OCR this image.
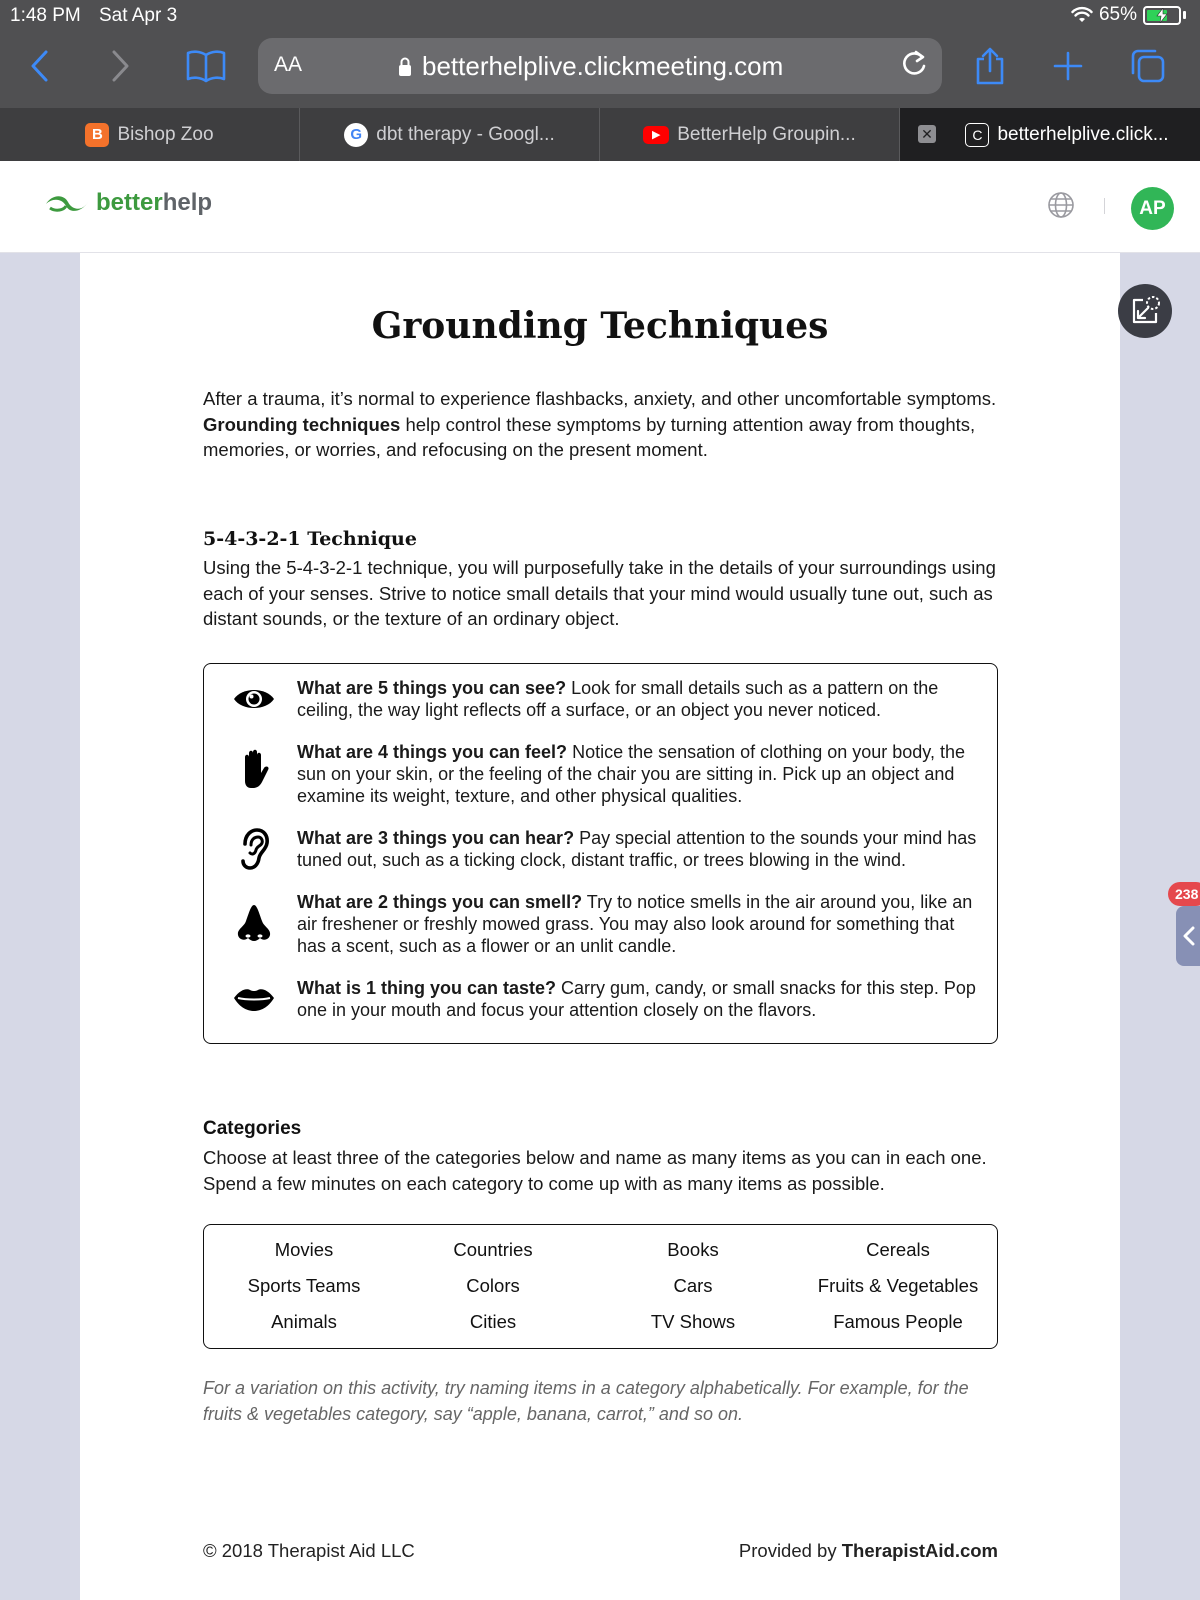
1:48 PM Sat Apr 3	65%
AA	betterhelplive.clickmeeting.com
B Bishop Zoo	G dbt therapy - Googl...	▶ BetterHelp Groupin...	✕	C betterhelplive.click...
better help	AP
Grounding Techniques

After a trauma, it’s normal to experience flashbacks, anxiety, and other uncomfortable symptoms. Grounding techniques help control these symptoms by turning attention away from thoughts, memories, or worries, and refocusing on the present moment.

5-4-3-2-1 Technique

Using the 5-4-3-2-1 technique, you will purposefully take in the details of your surroundings using each of your senses. Strive to notice small details that your mind would usually tune out, such as distant sounds, or the texture of an ordinary object.

What are 5 things you can see? Look for small details such as a pattern on the ceiling, the way light reflects off a surface, or an object you never noticed.

What are 4 things you can feel? Notice the sensation of clothing on your body, the sun on your skin, or the feeling of the chair you are sitting in. Pick up an object and examine its weight, texture, and other physical qualities.

What are 3 things you can hear? Pay special attention to the sounds your mind has tuned out, such as a ticking clock, distant traffic, or trees blowing in the wind.

What are 2 things you can smell? Try to notice smells in the air around you, like an air freshener or freshly mowed grass. You may also look around for something that has a scent, such as a flower or an unlit candle.

What is 1 thing you can taste? Carry gum, candy, or small snacks for this step. Pop one in your mouth and focus your attention closely on the flavors.

Categories

Choose at least three of the categories below and name as many items as you can in each one. Spend a few minutes on each category to come up with as many items as possible.

Movies	Countries	Books	Cereals
Sports Teams	Colors	Cars	Fruits & Vegetables
Animals	Cities	TV Shows	Famous People

For a variation on this activity, try naming items in a category alphabetically. For example, for the fruits & vegetables category, say “apple, banana, carrot,” and so on.

© 2018 Therapist Aid LLC	Provided by TherapistAid.com
238
